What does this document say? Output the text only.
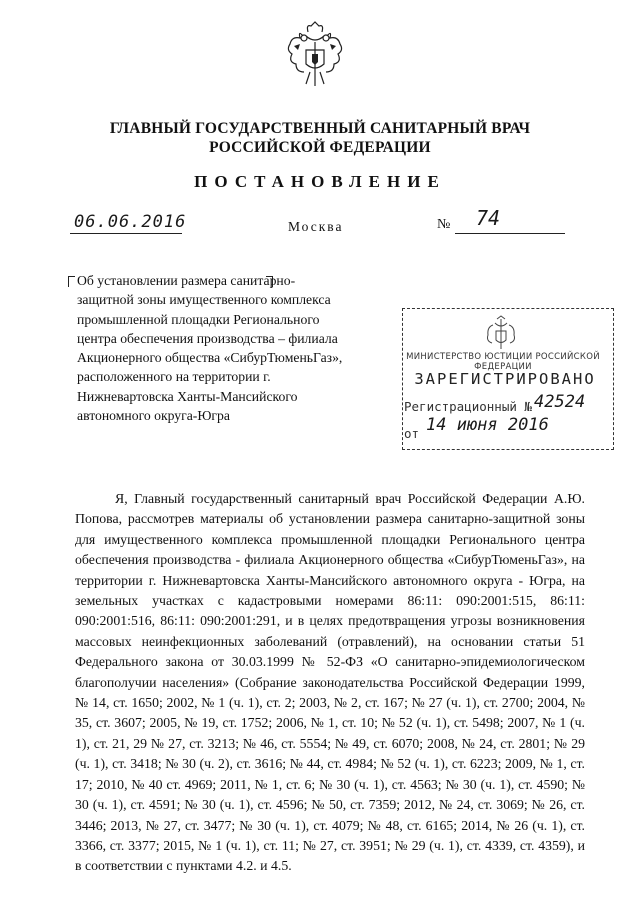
ГЛАВНЫЙ ГОСУДАРСТВЕННЫЙ САНИТАРНЫЙ ВРАЧ
РОССИЙСКОЙ ФЕДЕРАЦИИ
ПОСТАНОВЛЕНИЕ
06.06.2016	Москва	№ 74
Об установлении размера санитарно-защитной зоны имущественного комплекса промышленной площадки Регионального центра обеспечения производства – филиала Акционерного общества «СибурТюменьГаз», расположенного на территории г. Нижневартовска Ханты-Мансийского автономного округа-Югра
МИНИСТЕРСТВО ЮСТИЦИИ РОССИЙСКОЙ ФЕДЕРАЦИИ
ЗАРЕГИСТРИРОВАНО
Регистрационный № 42524
от 14 июня 2016
Я, Главный государственный санитарный врач Российской Федерации А.Ю. Попова, рассмотрев материалы об установлении размера санитарно-защитной зоны для имущественного комплекса промышленной площадки Регионального центра обеспечения производства - филиала Акционерного общества «СибурТюменьГаз», на территории г. Нижневартовска Ханты-Мансийского автономного округа - Югра, на земельных участках с кадастровыми номерами 86:11: 090:2001:515, 86:11: 090:2001:516, 86:11: 090:2001:291, и в целях предотвращения угрозы возникновения массовых неинфекционных заболеваний (отравлений), на основании статьи 51 Федерального закона от 30.03.1999 № 52-ФЗ «О санитарно-эпидемиологическом благополучии населения» (Собрание законодательства Российской Федерации 1999, № 14, ст. 1650; 2002, № 1 (ч. 1), ст. 2; 2003, № 2, ст. 167; № 27 (ч. 1), ст. 2700; 2004, № 35, ст. 3607; 2005, № 19, ст. 1752; 2006, № 1, ст. 10; № 52 (ч. 1), ст. 5498; 2007, № 1 (ч. 1), ст. 21, 29 № 27, ст. 3213; № 46, ст. 5554; № 49, ст. 6070; 2008, № 24, ст. 2801; № 29 (ч. 1), ст. 3418; № 30 (ч. 2), ст. 3616; № 44, ст. 4984; № 52 (ч. 1), ст. 6223; 2009, № 1, ст. 17; 2010, № 40 ст. 4969; 2011, № 1, ст. 6; № 30 (ч. 1), ст. 4563; № 30 (ч. 1), ст. 4590; № 30 (ч. 1), ст. 4591; № 30 (ч. 1), ст. 4596; № 50, ст. 7359; 2012, № 24, ст. 3069; № 26, ст. 3446; 2013, № 27, ст. 3477; № 30 (ч. 1), ст. 4079; № 48, ст. 6165; 2014, № 26 (ч. 1), ст. 3366, ст. 3377; 2015, № 1 (ч. 1), ст. 11; № 27, ст. 3951; № 29 (ч. 1), ст. 4339, ст. 4359), и в соответствии с пунктами 4.2. и 4.5.
